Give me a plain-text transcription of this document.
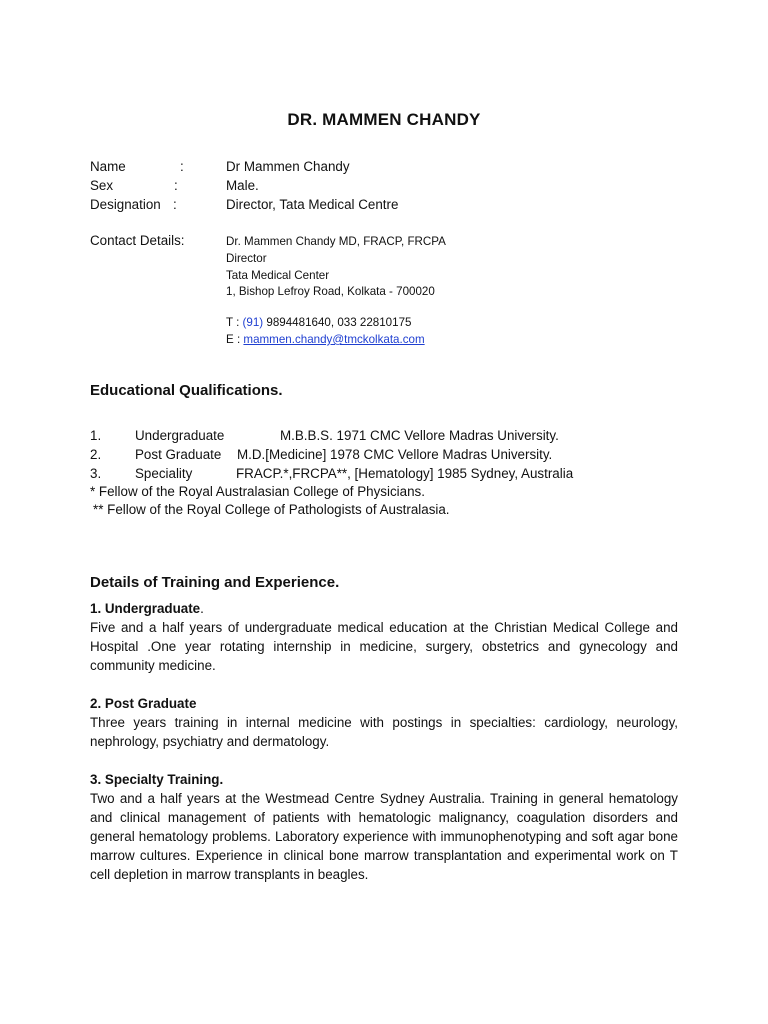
DR. MAMMEN CHANDY
Name	:	Dr Mammen Chandy
Sex	:	Male.
Designation :	Director, Tata Medical Centre
Contact Details:	Dr. Mammen Chandy MD, FRACP, FRCPA
Director
Tata Medical Center
1, Bishop Lefroy Road, Kolkata - 700020
T : (91) 9894481640, 033 22810175
E : mammen.chandy@tmckolkata.com
Educational Qualifications.
1.	Undergraduate	M.B.B.S. 1971 CMC Vellore Madras University.
2.	Post Graduate M.D.[Medicine] 1978 CMC Vellore Madras University.
3.	Speciality	FRACP.*,FRCPA**, [Hematology] 1985 Sydney, Australia
* Fellow of the Royal Australasian College of Physicians.
** Fellow of the Royal College of Pathologists of Australasia.
Details of Training and Experience.
1. Undergraduate.

Five and a half years of undergraduate medical education at the Christian Medical College and Hospital .One year rotating internship in medicine, surgery, obstetrics and gynecology and community medicine.

2. Post Graduate

Three years training in internal medicine with postings in specialties: cardiology, neurology, nephrology, psychiatry and dermatology.

3. Specialty Training.

Two and a half years at the Westmead Centre Sydney Australia. Training in general hematology and clinical management of patients with hematologic malignancy, coagulation disorders and general hematology problems. Laboratory experience with immunophenotyping and soft agar bone marrow cultures. Experience in clinical bone marrow transplantation and experimental work on T cell depletion in marrow transplants in beagles.
